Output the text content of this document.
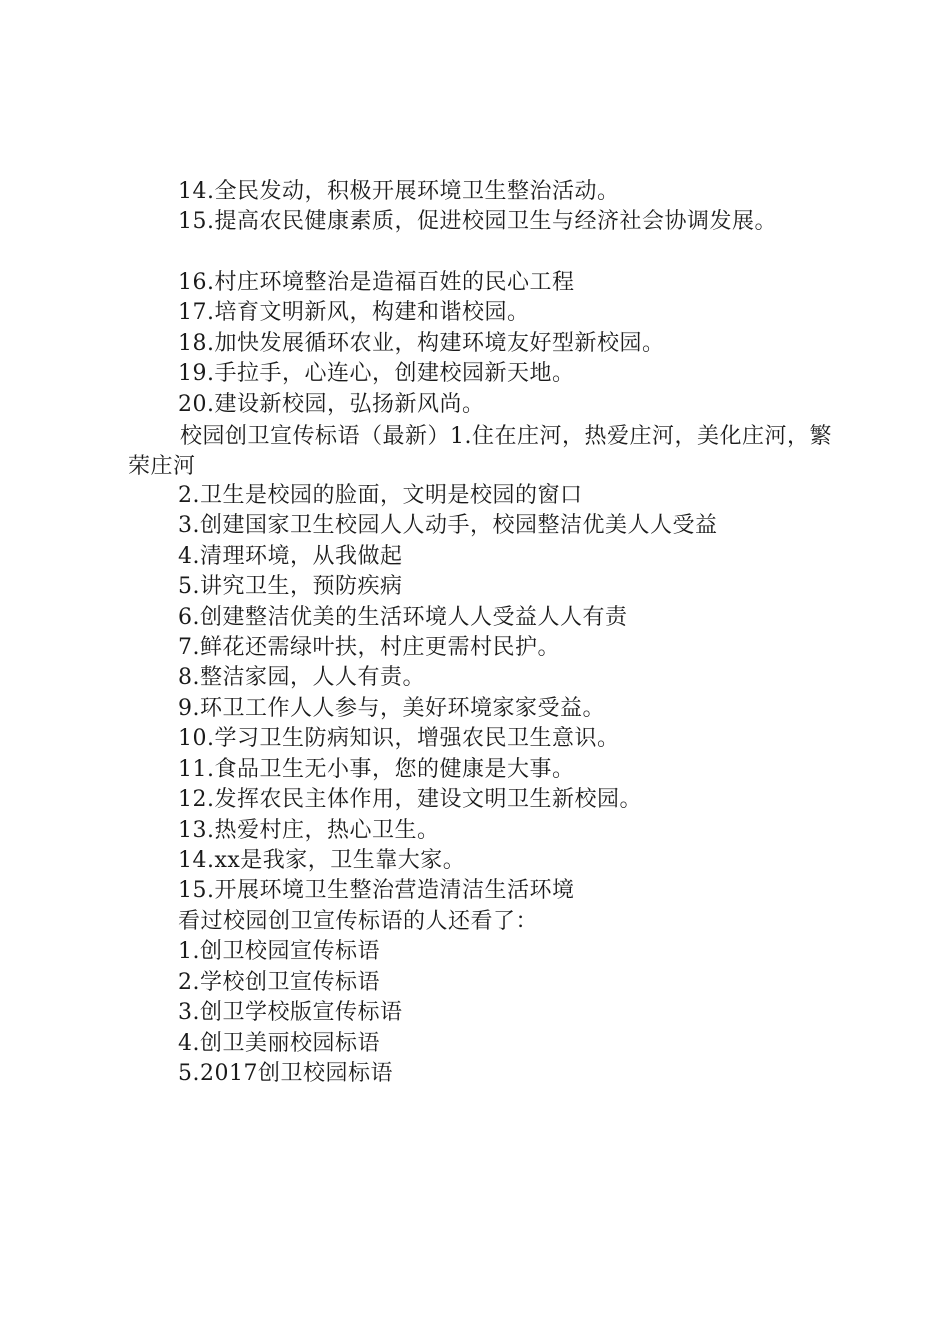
14.全民发动，积极开展环境卫生整治活动。
15.提高农民健康素质，促进校园卫生与经济社会协调发展。
16.村庄环境整治是造福百姓的民心工程
17.培育文明新风，构建和谐校园。
18.加快发展循环农业，构建环境友好型新校园。
19.手拉手，心连心，创建校园新天地。
20.建设新校园，弘扬新风尚。
校园创卫宣传标语（最新）1.住在庄河，热爱庄河，美化庄河，繁荣庄河
2.卫生是校园的脸面，文明是校园的窗口
3.创建国家卫生校园人人动手，校园整洁优美人人受益
4.清理环境，从我做起
5.讲究卫生，预防疾病
6.创建整洁优美的生活环境人人受益人人有责
7.鲜花还需绿叶扶，村庄更需村民护。
8.整洁家园，人人有责。
9.环卫工作人人参与，美好环境家家受益。
10.学习卫生防病知识，增强农民卫生意识。
11.食品卫生无小事，您的健康是大事。
12.发挥农民主体作用，建设文明卫生新校园。
13.热爱村庄，热心卫生。
14.xx是我家，卫生靠大家。
15.开展环境卫生整治营造清洁生活环境
看过校园创卫宣传标语的人还看了：
1.创卫校园宣传标语
2.学校创卫宣传标语
3.创卫学校版宣传标语
4.创卫美丽校园标语
5.2017创卫校园标语
